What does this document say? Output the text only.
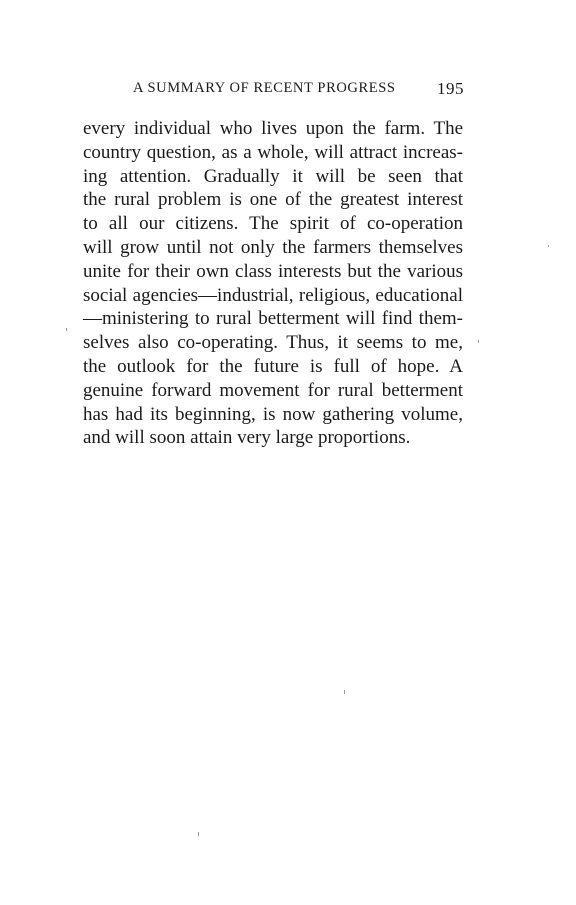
A SUMMARY OF RECENT PROGRESS 195
every individual who lives upon the farm. The
country question, as a whole, will attract increas-
ing attention. Gradually it will be seen that
the rural problem is one of the greatest interest
to all our citizens. The spirit of co-operation
will grow until not only the farmers themselves
unite for their own class interests but the various
social agencies—industrial, religious, educational
—ministering to rural betterment will find them-
selves also co-operating. Thus, it seems to me,
the outlook for the future is full of hope. A
genuine forward movement for rural betterment
has had its beginning, is now gathering volume,
and will soon attain very large proportions.
